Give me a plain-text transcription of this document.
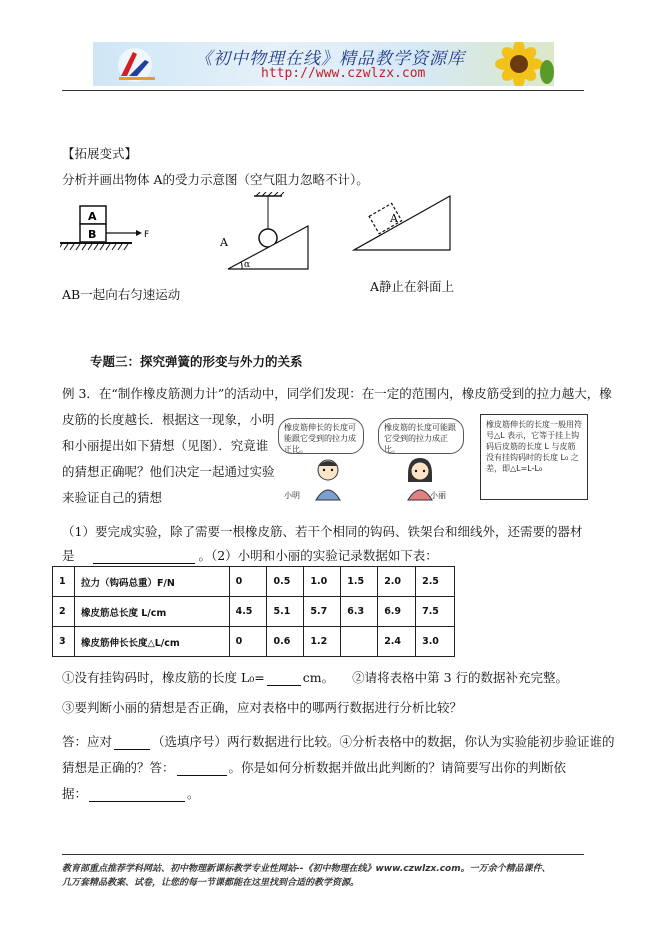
《初中物理在线》精品教学资源库
http://www.czwlzx.com
【拓展变式】
分析并画出物体 A的受力示意图（空气阻力忽略不计）。
A
B	F
AB一起向右匀速运动
A
α
A
A静止在斜面上
专题三：探究弹簧的形变与外力的关系
例 3．在“制作橡皮筋测力计”的活动中，同学们发现：在一定的范围内，橡皮筋受到的拉力越大，橡
皮筋的长度越长．根据这一现象，小明
和小丽提出如下猜想（见图）．究竟谁
的猜想正确呢？他们决定一起通过实验
来验证自己的猜想
橡皮筋伸长的长度可能跟它受到的拉力成正比。
小明
橡皮筋的长度可能跟它受到的拉力成正比。
小丽
橡皮筋伸长的长度一般用符号△L 表示，它等于挂上钩码后皮筋的长度 L 与皮筋没有挂钩码时的长度 L₀ 之差，即△L=L-L₀
（1）要完成实验，除了需要一根橡皮筋、若干个相同的钩码、铁架台和细线外，还需要的器材
是	。（2）小明和小丽的实验记录数据如下表：
1	拉力（钩码总重）F/N	0	0.5	1.0	1.5	2.0	2.5
2	橡皮筋总长度 L/cm	4.5	5.1	5.7	6.3	6.9	7.5
3	橡皮筋伸长长度△L/cm	0	0.6	1.2		2.4	3.0
①没有挂钩码时，橡皮筋的长度 L₀=	cm。 ②请将表格中第 3 行的数据补充完整。
③要判断小丽的猜想是否正确，应对表格中的哪两行数据进行分析比较？
答：应对	（选填序号）两行数据进行比较。④分析表格中的数据，你认为实验能初步验证谁的
猜想是正确的？答：	。你是如何分析数据并做出此判断的？请简要写出你的判断依
据：	。
教育部重点推荐学科网站、初中物理新课标教学专业性网站--《初中物理在线》www.czwlzx.com。一万余个精品课件、
几万套精品教案、试卷，让您的每一节课都能在这里找到合适的教学资源。
